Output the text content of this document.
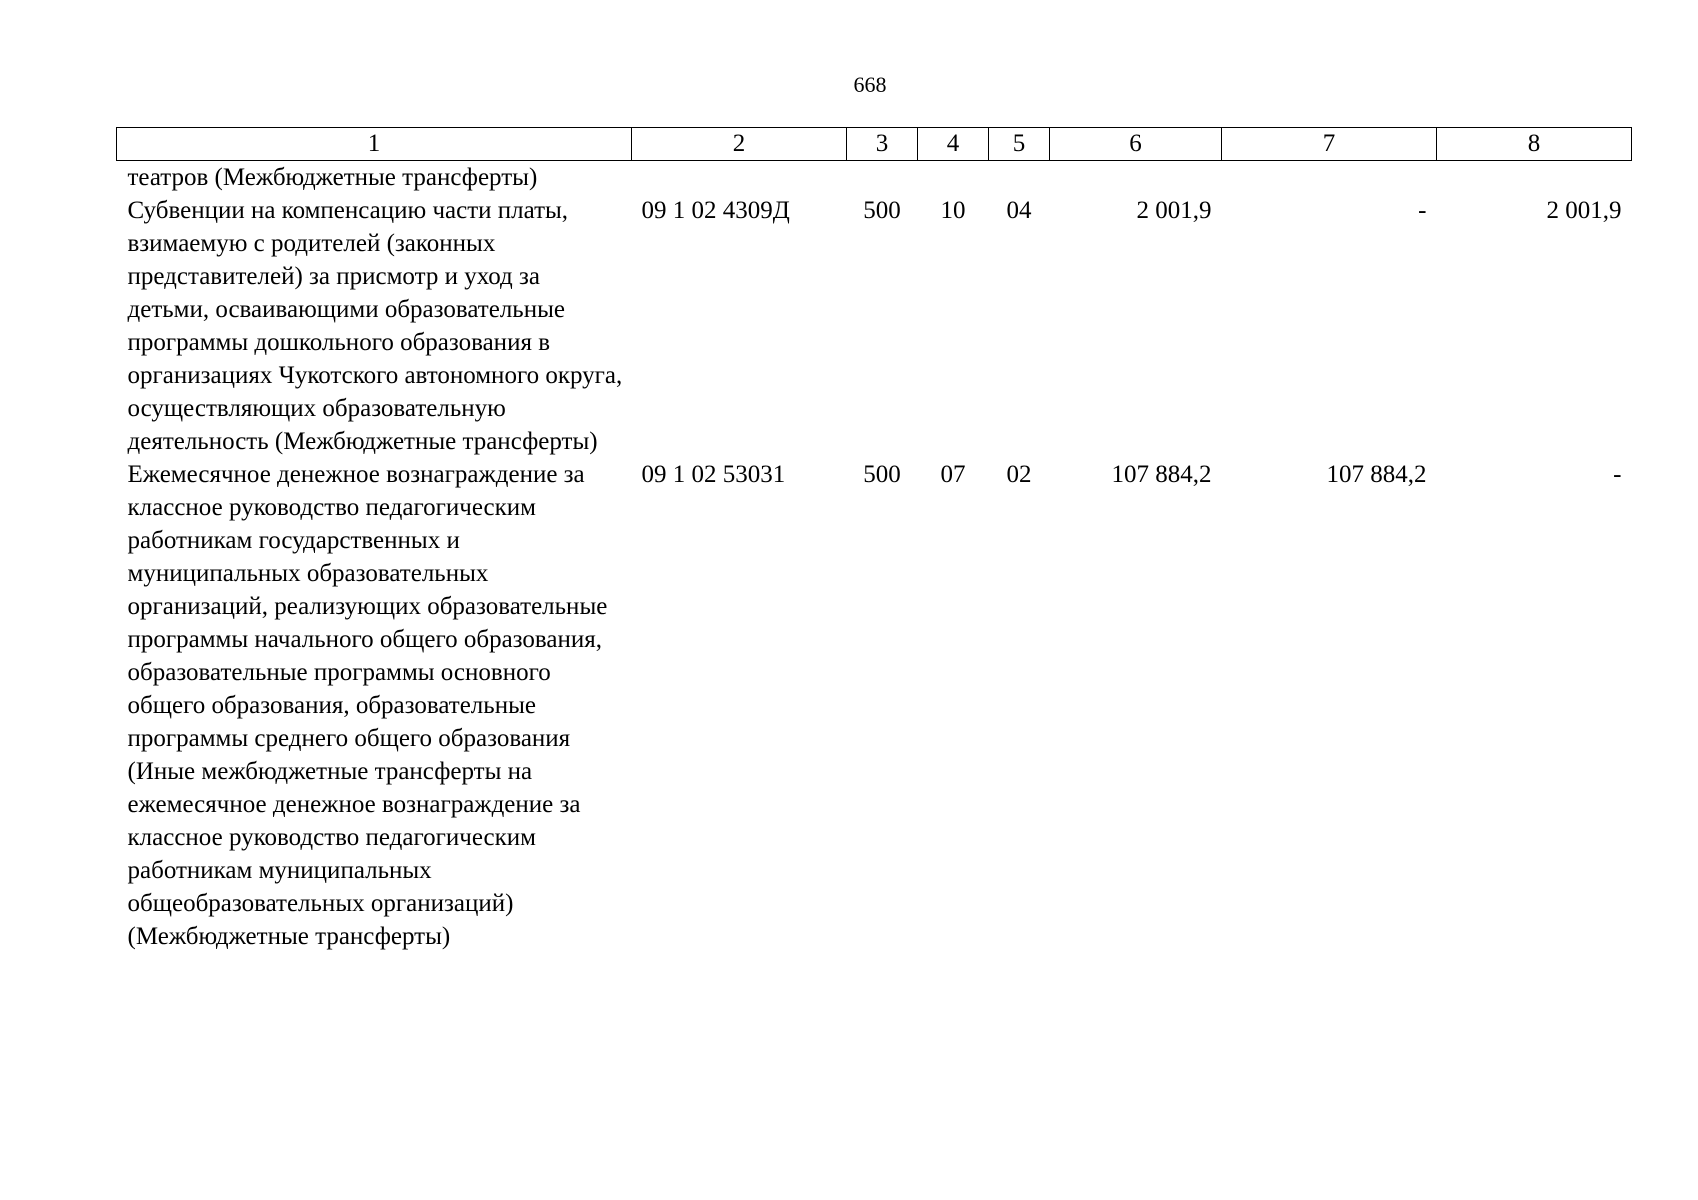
668
1	2	3	4	5	6	7	8
театров (Межбюджетные трансферты)							
Субвенции на компенсацию части платы, взимаемую с родителей (законных представителей) за присмотр и уход за детьми, осваивающими образовательные программы дошкольного образования в организациях Чукотского автономного округа, осуществляющих образовательную деятельность (Межбюджетные трансферты)	09 1 02 4309Д	500	10	04	2 001,9	-	2 001,9
Ежемесячное денежное вознаграждение за классное руководство педагогическим работникам государственных и муниципальных образовательных организаций, реализующих образовательные программы начального общего образования, образовательные программы основного общего образования, образовательные программы среднего общего образования (Иные межбюджетные трансферты на ежемесячное денежное вознаграждение за классное руководство педагогическим работникам муниципальных общеобразовательных организаций) (Межбюджетные трансферты)	09 1 02 53031	500	07	02	107 884,2	107 884,2	-
